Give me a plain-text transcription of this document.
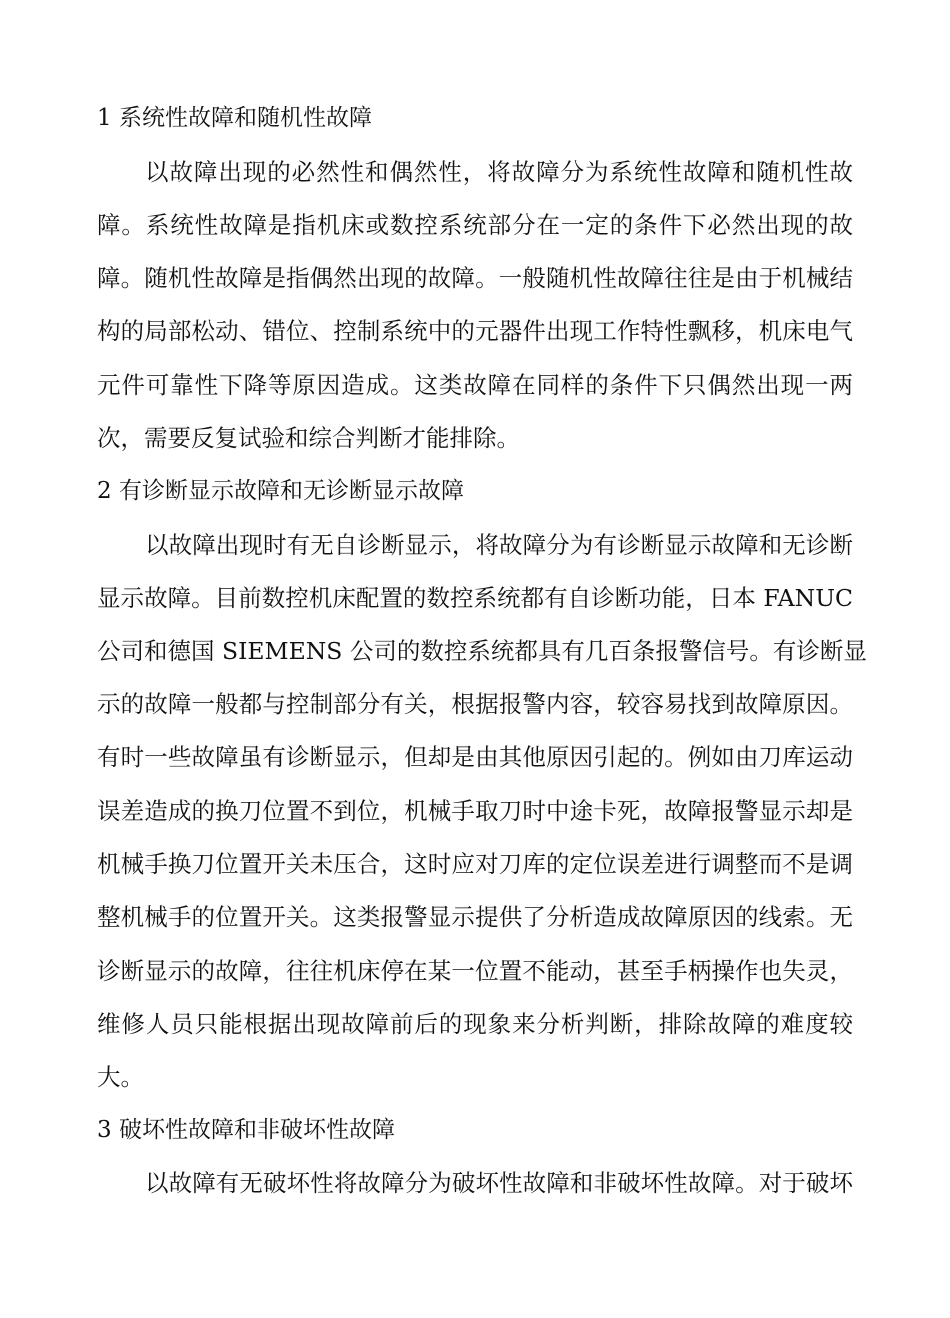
1 系统性故障和随机性故障
以故障出现的必然性和偶然性，将故障分为系统性故障和随机性故
障。系统性故障是指机床或数控系统部分在一定的条件下必然出现的故
障。随机性故障是指偶然出现的故障。一般随机性故障往往是由于机械结
构的局部松动、错位、控制系统中的元器件出现工作特性飘移，机床电气
元件可靠性下降等原因造成。这类故障在同样的条件下只偶然出现一两
次，需要反复试验和综合判断才能排除。
2 有诊断显示故障和无诊断显示故障
以故障出现时有无自诊断显示，将故障分为有诊断显示故障和无诊断
显示故障。目前数控机床配置的数控系统都有自诊断功能，日本 FANUC
公司和德国 SIEMENS 公司的数控系统都具有几百条报警信号。有诊断显
示的故障一般都与控制部分有关，根据报警内容，较容易找到故障原因。
有时一些故障虽有诊断显示，但却是由其他原因引起的。例如由刀库运动
误差造成的换刀位置不到位，机械手取刀时中途卡死，故障报警显示却是
机械手换刀位置开关未压合，这时应对刀库的定位误差进行调整而不是调
整机械手的位置开关。这类报警显示提供了分析造成故障原因的线索。无
诊断显示的故障，往往机床停在某一位置不能动，甚至手柄操作也失灵，
维修人员只能根据出现故障前后的现象来分析判断，排除故障的难度较
大。
3 破坏性故障和非破坏性故障
以故障有无破坏性将故障分为破坏性故障和非破坏性故障。对于破坏
